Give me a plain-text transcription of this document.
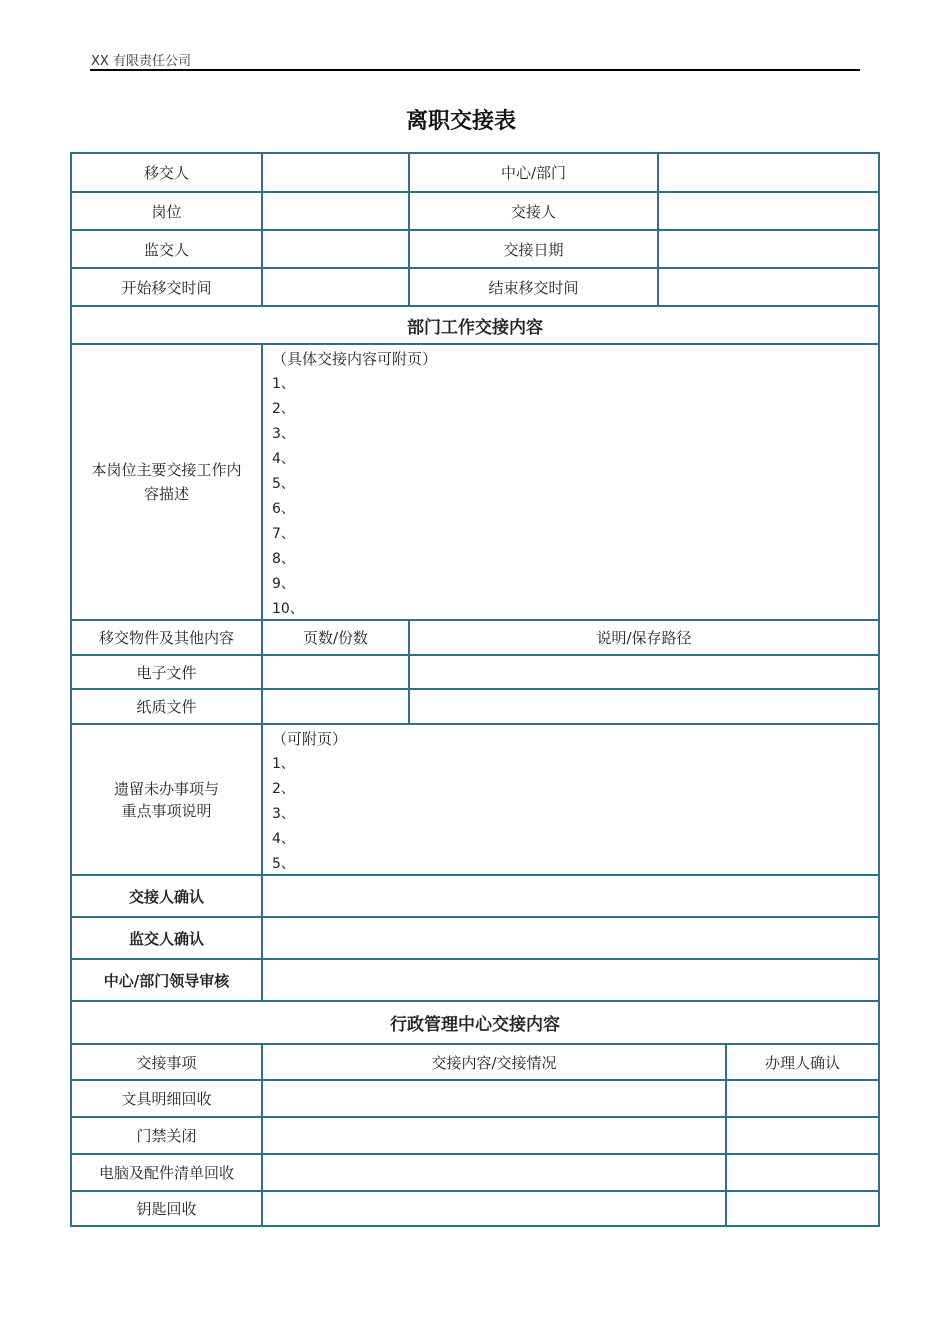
XX 有限责任公司
离职交接表
移交人	中心/部门
岗位	交接人
监交人	交接日期
开始移交时间	结束移交时间
部门工作交接内容
本岗位主要交接工作内
容描述
（具体交接内容可附页）
1、
2、
3、
4、
5、
6、
7、
8、
9、
10、
移交物件及其他内容	页数/份数	说明/保存路径
电子文件
纸质文件
遗留未办事项与
重点事项说明
（可附页）
1、
2、
3、
4、
5、
交接人确认
监交人确认
中心/部门领导审核
行政管理中心交接内容
交接事项	交接内容/交接情况	办理人确认
文具明细回收
门禁关闭
电脑及配件清单回收
钥匙回收
